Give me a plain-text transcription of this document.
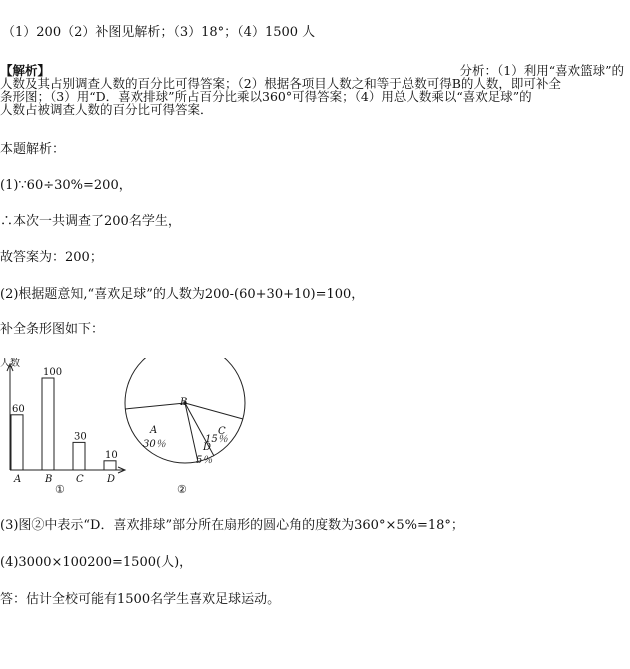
（1）200（2）补图见解析；（3）18°；（4）1500 人
【解析】	分析：（1）利用“喜欢篮球”的
人数及其占别调查人数的百分比可得答案；（2）根据各项目人数之和等于总数可得B的人数，即可补全
条形图；（3）用“D．喜欢排球”所占百分比乘以360°可得答案；（4）用总人数乘以“喜欢足球”的
人数占被调查人数的百分比可得答案．
本题解析：
(1)∵60÷30%=200，
∴本次一共调查了200名学生，
故答案为：200；
(2)根据题意知,“喜欢足球”的人数为200-(60+30+10)=100，
补全条形图如下：
人数
60
A
100
B
30
C
10
D
①
B
A
30％
C
15％
D
5％
②
(3)图②中表示“D．喜欢排球”部分所在扇形的圆心角的度数为360°×5%=18°；
(4)3000×100200=1500(人)，
答：估计全校可能有1500名学生喜欢足球运动。
